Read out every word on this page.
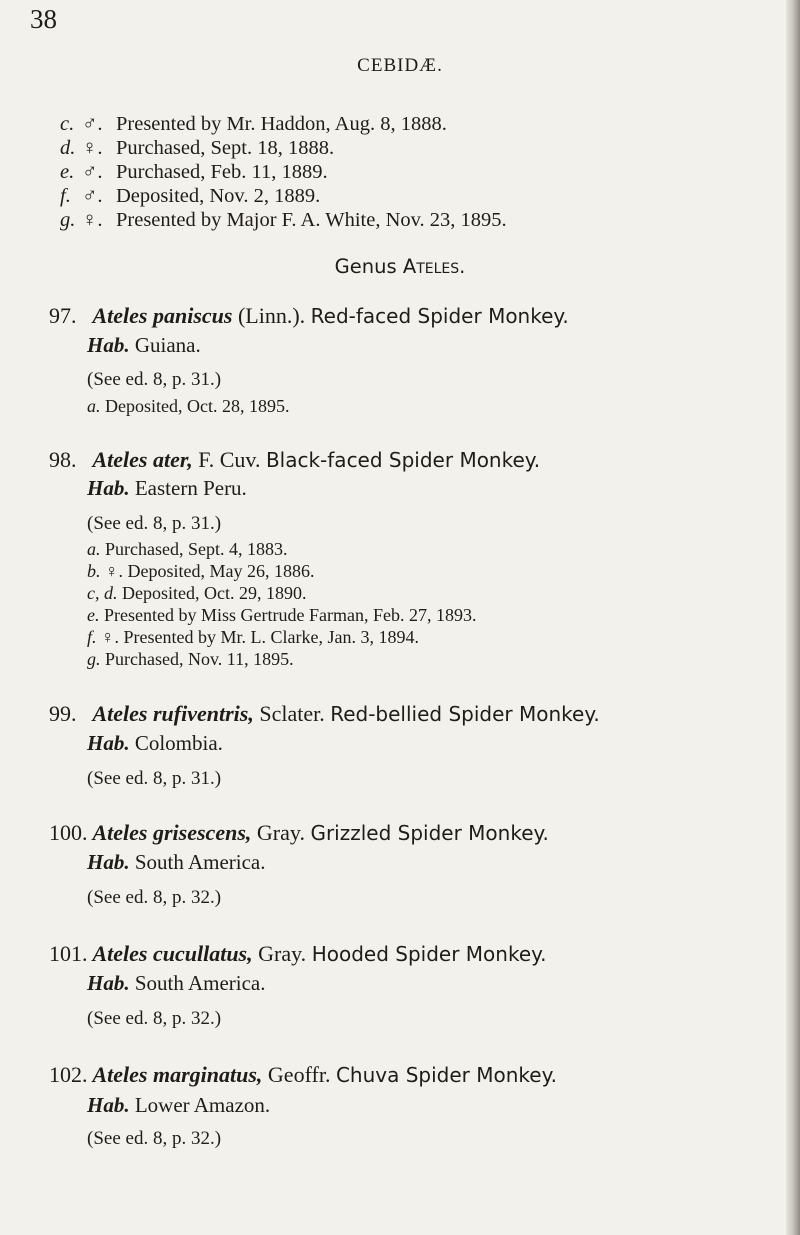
38
CEBIDÆ.
c. ♂. Presented by Mr. Haddon, Aug. 8, 1888.
d. ♀. Purchased, Sept. 18, 1888.
e. ♂. Purchased, Feb. 11, 1889.
f. ♂. Deposited, Nov. 2, 1889.
g. ♀. Presented by Major F. A. White, Nov. 23, 1895.
Genus Ateles.
97. Ateles paniscus (Linn.). Red-faced Spider Monkey.
Hab. Guiana.
(See ed. 8, p. 31.)
a. Deposited, Oct. 28, 1895.
98. Ateles ater, F. Cuv. Black-faced Spider Monkey.
Hab. Eastern Peru.
(See ed. 8, p. 31.)
a. Purchased, Sept. 4, 1883.
b. ♀. Deposited, May 26, 1886.
c, d. Deposited, Oct. 29, 1890.
e. Presented by Miss Gertrude Farman, Feb. 27, 1893.
f. ♀. Presented by Mr. L. Clarke, Jan. 3, 1894.
g. Purchased, Nov. 11, 1895.
99. Ateles rufiventris, Sclater. Red-bellied Spider Monkey.
Hab. Colombia.
(See ed. 8, p. 31.)
100. Ateles grisescens, Gray. Grizzled Spider Monkey.
Hab. South America.
(See ed. 8, p. 32.)
101. Ateles cucullatus, Gray. Hooded Spider Monkey.
Hab. South America.
(See ed. 8, p. 32.)
102. Ateles marginatus, Geoffr. Chuva Spider Monkey.
Hab. Lower Amazon.
(See ed. 8, p. 32.)
